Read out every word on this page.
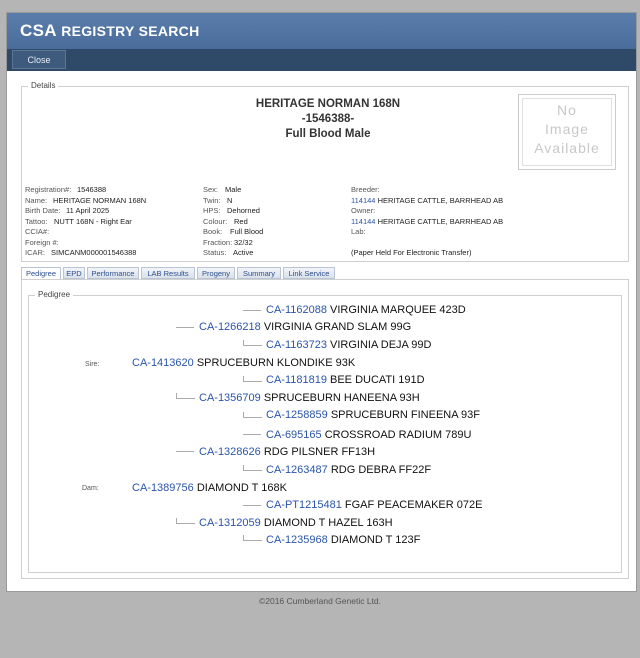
CSA REGISTRY SEARCH
Close
Details
HERITAGE NORMAN 168N
-1546388-
Full Blood Male
No
Image
Available
Registration#: 1546388
Name: HERITAGE NORMAN 168N
Birth Date: 11 April 2025
Tattoo: NUTT 168N - Right Ear
CCIA#:
Foreign #:
ICAR: SIMCANM000001546388
Sex: Male
Twin: N
HPS: Dehorned
Colour: Red
Book: Full Blood
Fraction: 32/32
Status: Active
Breeder:
114144 HERITAGE CATTLE, BARRHEAD AB
Owner:
114144 HERITAGE CATTLE, BARRHEAD AB
Lab:

(Paper Held For Electronic Transfer)
Pedigree	EPD	Performance	LAB Results	Progeny	Summary	Link Service
Pedigree
Sire:
Dam:
CA-1162088 VIRGINIA MARQUEE 423D
CA-1266218 VIRGINIA GRAND SLAM 99G
CA-1163723 VIRGINIA DEJA 99D
CA-1413620 SPRUCEBURN KLONDIKE 93K
CA-1181819 BEE DUCATI 191D
CA-1356709 SPRUCEBURN HANEENA 93H
CA-1258859 SPRUCEBURN FINEENA 93F
CA-695165 CROSSROAD RADIUM 789U
CA-1328626 RDG PILSNER FF13H
CA-1263487 RDG DEBRA FF22F
CA-1389756 DIAMOND T 168K
CA-PT1215481 FGAF PEACEMAKER 072E
CA-1312059 DIAMOND T HAZEL 163H
CA-1235968 DIAMOND T 123F
©2016 Cumberland Genetic Ltd.
